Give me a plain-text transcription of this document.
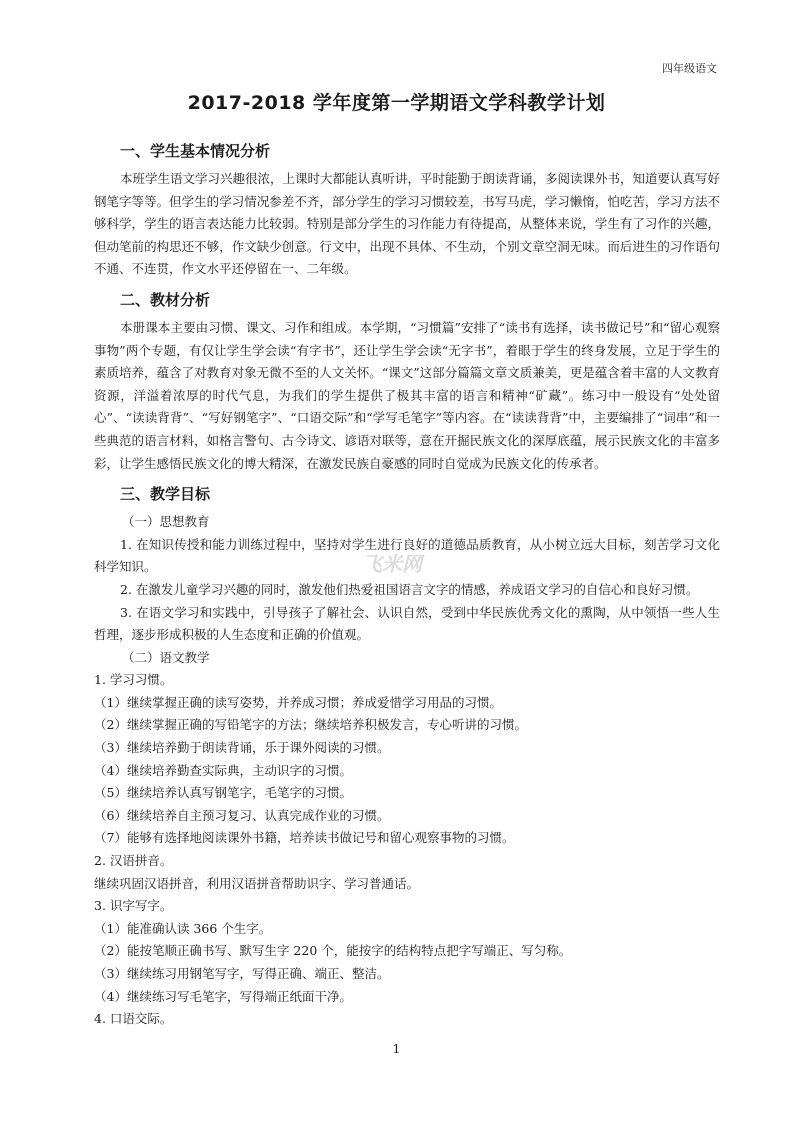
四年级语文
2017-2018 学年度第一学期语文学科教学计划
飞米网
一、学生基本情况分析

本班学生语文学习兴趣很浓，上课时大都能认真听讲，平时能勤于朗读背诵，多阅读课外书，知道要认真写好钢笔字等等。但学生的学习情况参差不齐，部分学生的学习习惯较差，书写马虎，学习懒惰，怕吃苦，学习方法不够科学，学生的语言表达能力比较弱。特别是部分学生的习作能力有待提高，从整体来说，学生有了习作的兴趣，但动笔前的构思还不够，作文缺少创意。行文中，出现不具体、不生动，个别文章空洞无味。而后进生的习作语句不通、不连贯，作文水平还停留在一、二年级。

二、教材分析

本册课本主要由习惯、课文、习作和组成。本学期，“习惯篇”安排了“读书有选择，读书做记号”和“留心观察事物”两个专题，有仅让学生学会读“有字书”，还让学生学会读“无字书”，着眼于学生的终身发展，立足于学生的素质培养，蕴含了对教育对象无微不至的人文关怀。“课文”这部分篇篇文章文质兼美，更是蕴含着丰富的人文教育资源，洋溢着浓厚的时代气息，为我们的学生提供了极其丰富的语言和精神“矿藏”。练习中一般设有“处处留心”、“读读背背”、“写好钢笔字”、“口语交际”和“学写毛笔字”等内容。在“读读背背”中，主要编排了“词串”和一些典范的语言材料，如格言警句、古今诗文、谚语对联等，意在开掘民族文化的深厚底蕴，展示民族文化的丰富多彩，让学生感悟民族文化的博大精深，在激发民族自豪感的同时自觉成为民族文化的传承者。

三、教学目标

（一）思想教育

1. 在知识传授和能力训练过程中，坚持对学生进行良好的道德品质教育，从小树立远大目标，刻苦学习文化科学知识。

2. 在激发儿童学习兴趣的同时，激发他们热爱祖国语言文字的情感，养成语文学习的自信心和良好习惯。

3. 在语文学习和实践中，引导孩子了解社会、认识自然，受到中华民族优秀文化的熏陶，从中领悟一些人生哲理，逐步形成积极的人生态度和正确的价值观。

（二）语文教学

1. 学习习惯。

（1）继续掌握正确的读写姿势，并养成习惯；养成爱惜学习用品的习惯。

（2）继续掌握正确的写铅笔字的方法；继续培养积极发言，专心听讲的习惯。

（3）继续培养勤于朗读背诵，乐于课外阅读的习惯。

（4）继续培养勤查实际典，主动识字的习惯。

（5）继续培养认真写钢笔字，毛笔字的习惯。

（6）继续培养自主预习复习、认真完成作业的习惯。

（7）能够有选择地阅读课外书籍，培养读书做记号和留心观察事物的习惯。

2. 汉语拼音。

继续巩固汉语拼音，利用汉语拼音帮助识字、学习普通话。

3. 识字写字。

（1）能准确认读 366 个生字。

（2）能按笔顺正确书写、默写生字 220 个，能按字的结构特点把字写端正、写匀称。

（3）继续练习用钢笔写字，写得正确、端正、整洁。

（4）继续练习写毛笔字，写得端正纸面干净。

4. 口语交际。

1
